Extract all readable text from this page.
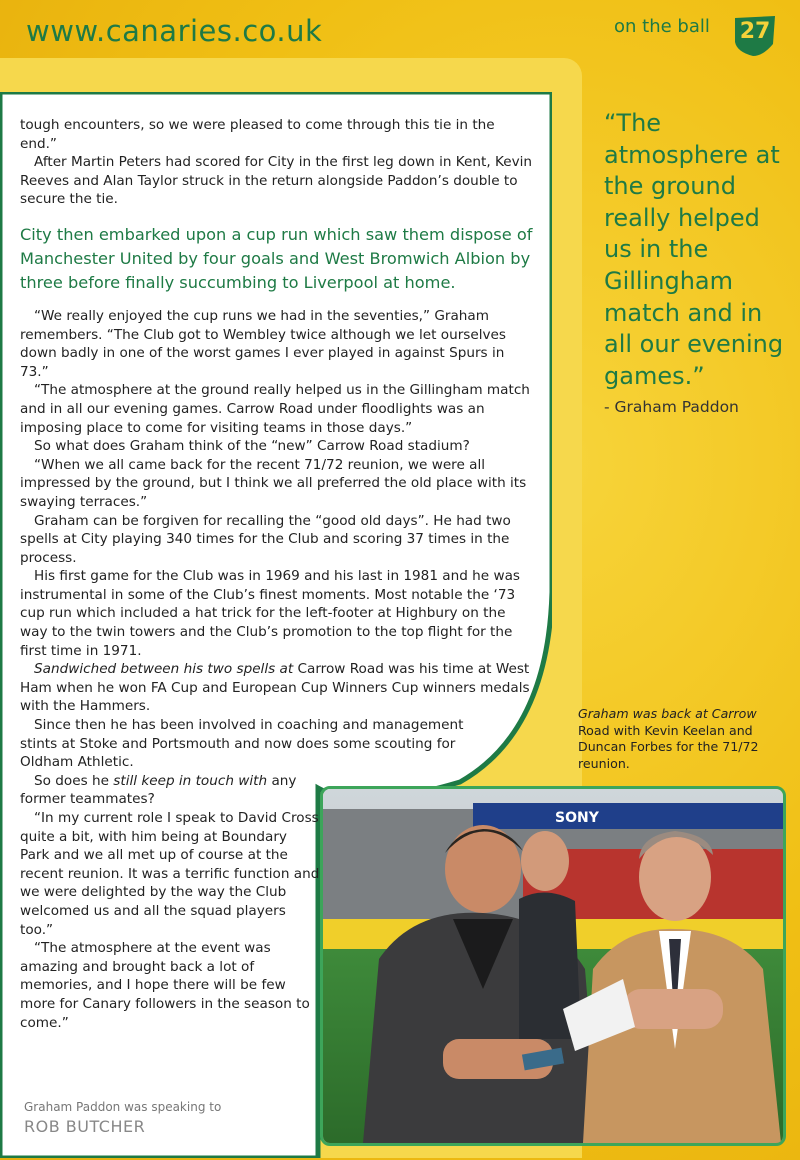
www.canaries.co.uk	on the ball	27

tough encounters, so we were pleased to come through this tie in the end.”

After Martin Peters had scored for City in the first leg down in Kent, Kevin Reeves and Alan Taylor struck in the return alongside Paddon’s double to secure the tie.

City then embarked upon a cup run which saw them dispose of Manchester United by four goals and West Bromwich Albion by three before finally succumbing to Liverpool at home.

“We really enjoyed the cup runs we had in the seventies,” Graham remembers. “The Club got to Wembley twice although we let ourselves down badly in one of the worst games I ever played in against Spurs in 73.”

“The atmosphere at the ground really helped us in the Gillingham match and in all our evening games. Carrow Road under floodlights was an imposing place to come for visiting teams in those days.”

So what does Graham think of the “new” Carrow Road stadium?

“When we all came back for the recent 71/72 reunion, we were all impressed by the ground, but I think we all preferred the old place with its swaying terraces.”

Graham can be forgiven for recalling the “good old days”. He had two spells at City playing 340 times for the Club and scoring 37 times in the process.

His first game for the Club was in 1969 and his last in 1981 and he was instrumental in some of the Club’s finest moments. Most notable the ‘73 cup run which included a hat trick for the left-footer at Highbury on the way to the twin towers and the Club’s promotion to the top flight for the first time in 1971.

Sandwiched between his two spells at Carrow Road was his time at West Ham when he won FA Cup and European Cup Winners Cup winners medals with the Hammers.

Since then he has been involved in coaching and management stints at Stoke and Portsmouth and now does some scouting for Oldham Athletic.

So does he still keep in touch with any former teammates?

“In my current role I speak to David Cross quite a bit, with him being at Boundary Park and we all met up of course at the recent reunion. It was a terrific function and we were delighted by the way the Club welcomed us and all the squad players too.”

“The atmosphere at the event was amazing and brought back a lot of memories, and I hope there will be few more for Canary followers in the season to come.”

Graham Paddon was speaking to
ROB BUTCHER
“The atmosphere at the ground really helped us in the Gillingham match and in all our evening games.”
- Graham Paddon
Graham was back at Carrow Road with Kevin Keelan and Duncan Forbes for the 71/72 reunion.
SONY
